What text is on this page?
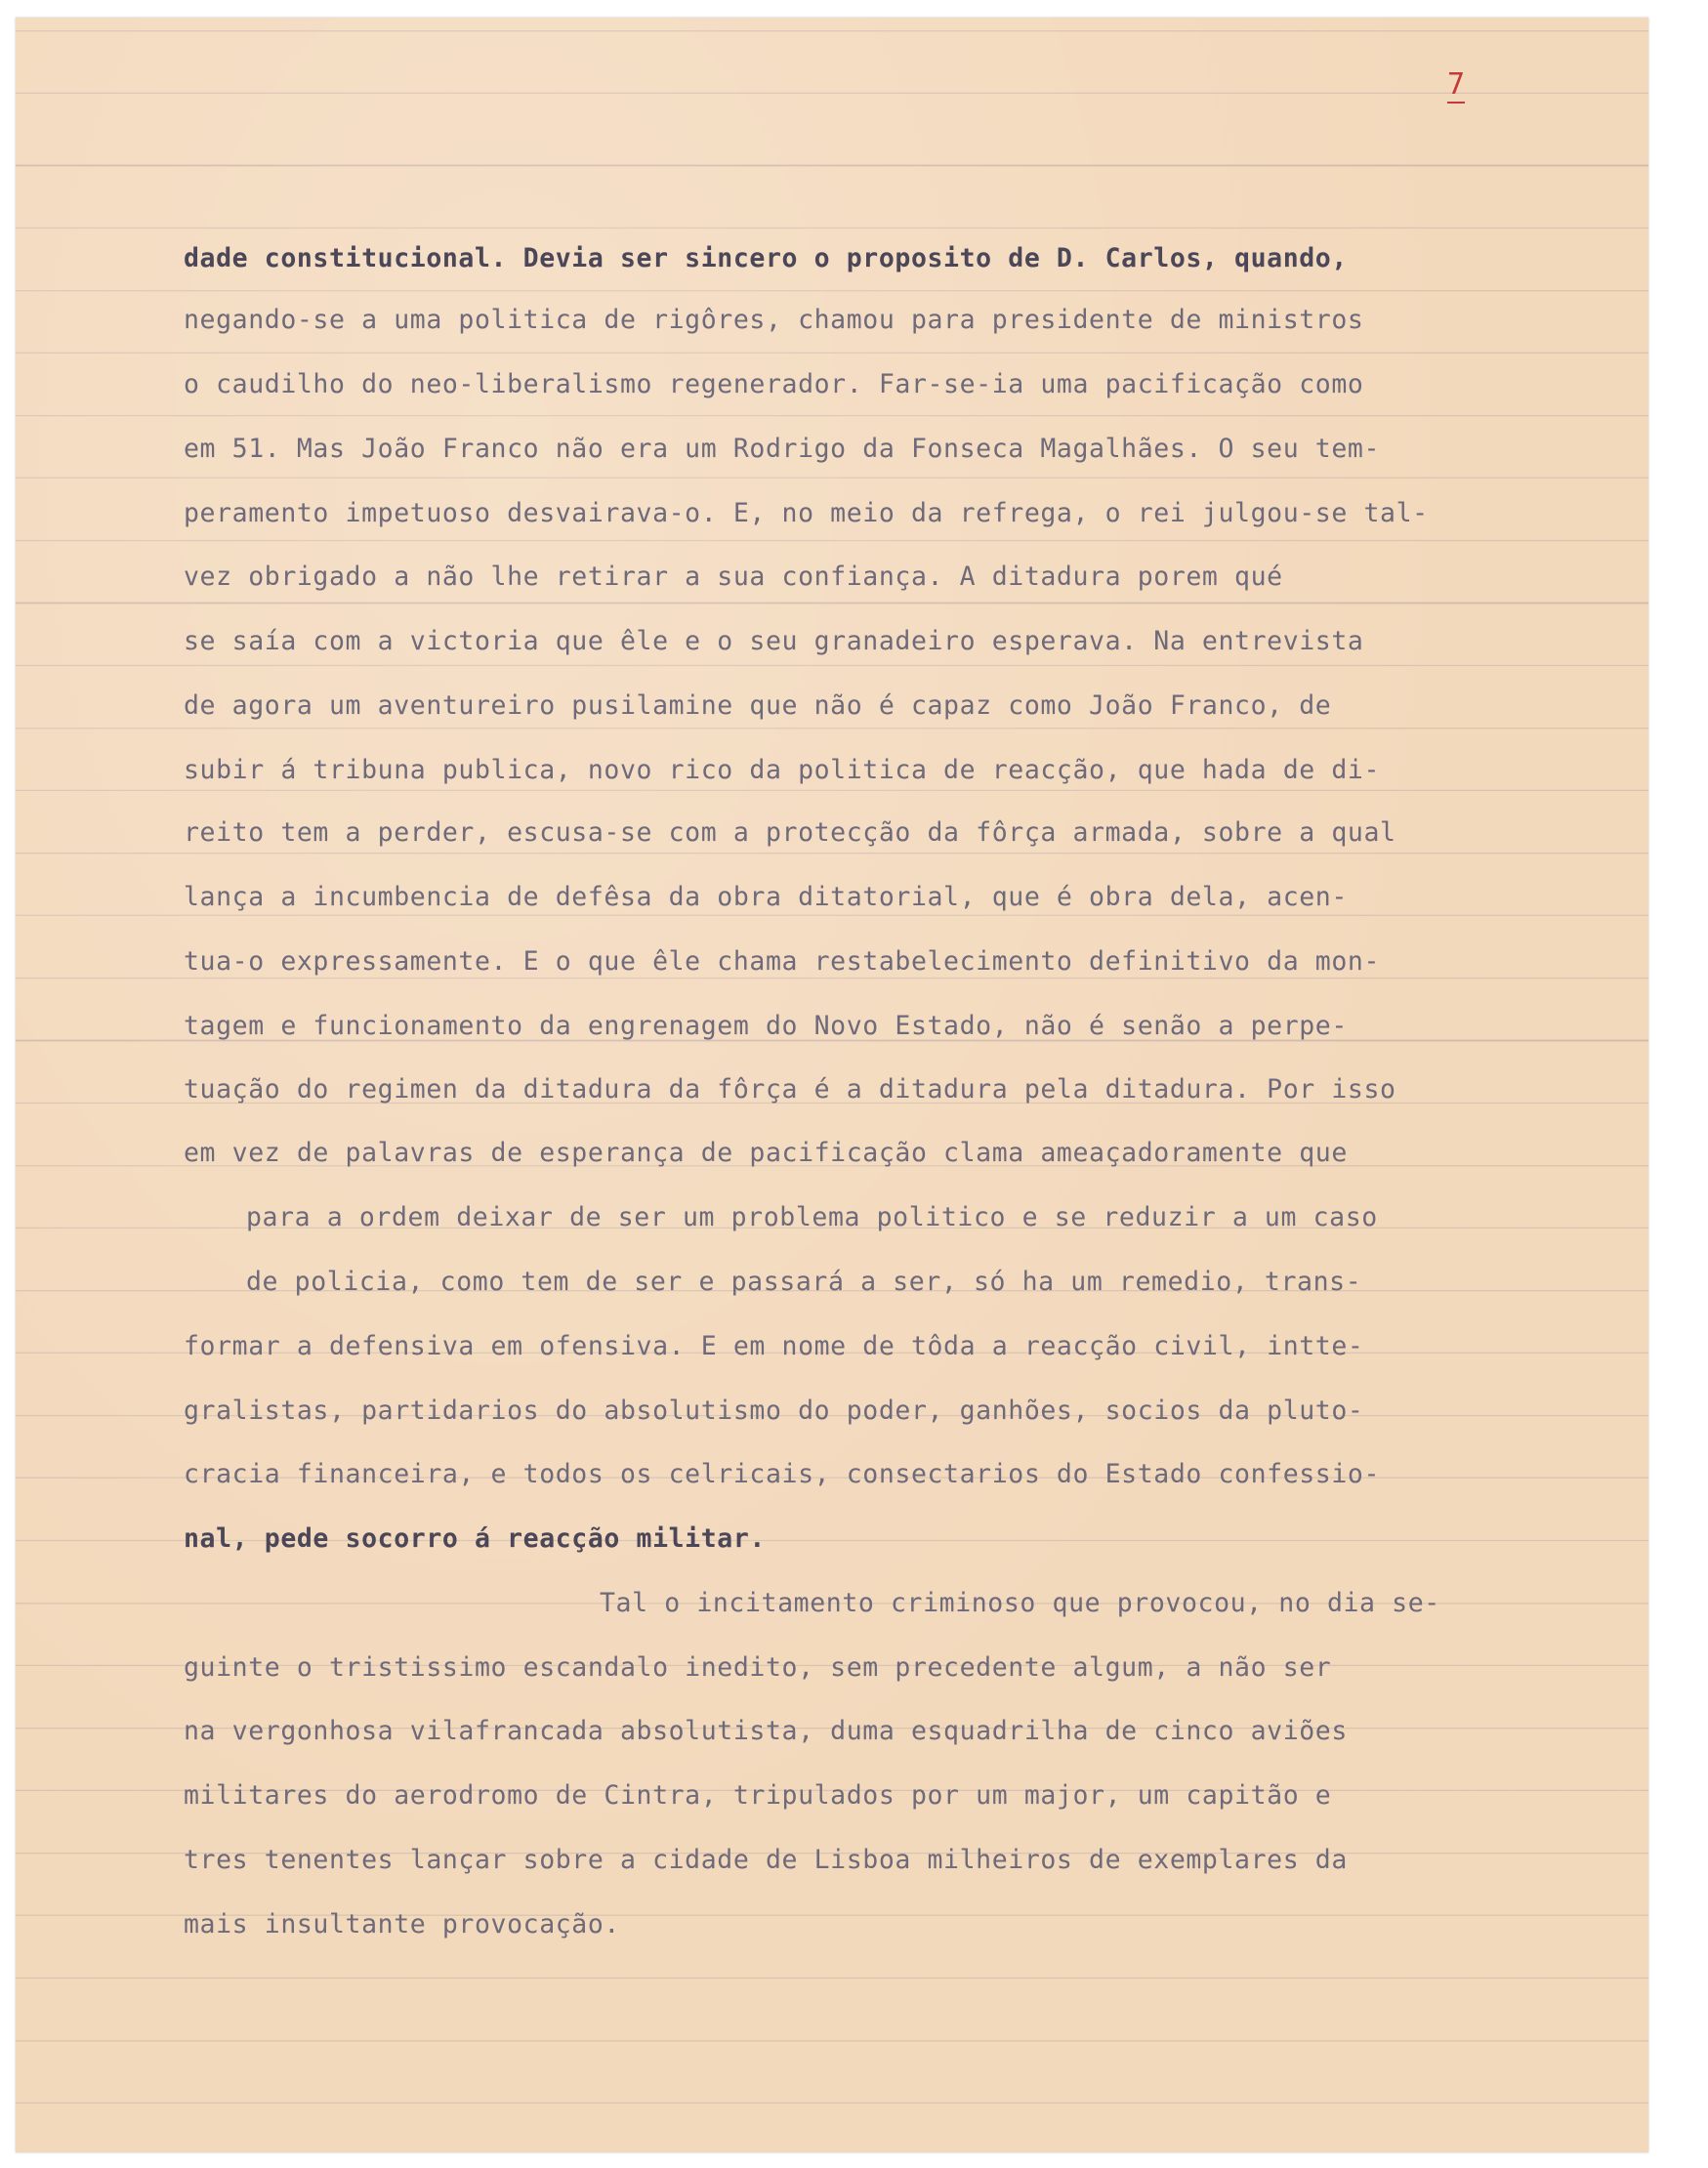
7
dade constitucional. Devia ser sincero o proposito de D. Carlos, quando,
negando-se a uma politica de rigôres, chamou para presidente de ministros
o caudilho do neo-liberalismo regenerador. Far-se-ia uma pacificação como
em 51. Mas João Franco não era um Rodrigo da Fonseca Magalhães. O seu tem-
peramento impetuoso desvairava-o. E, no meio da refrega, o rei julgou-se tal-
vez obrigado a não lhe retirar a sua confiança. A ditadura porem qué
se saía com a victoria que êle e o seu granadeiro esperava. Na entrevista
de agora um aventureiro pusilamine que não é capaz como João Franco, de
subir á tribuna publica, novo rico da politica de reacção, que hada de di-
reito tem a perder, escusa-se com a protecção da fôrça armada, sobre a qual
lança a incumbencia de defêsa da obra ditatorial, que é obra dela, acen-
tua-o expressamente. E o que êle chama restabelecimento definitivo da mon-
tagem e funcionamento da engrenagem do Novo Estado, não é senão a perpe-
tuação do regimen da ditadura da fôrça é a ditadura pela ditadura. Por isso
em vez de palavras de esperança de pacificação clama ameaçadoramente que
para a ordem deixar de ser um problema politico e se reduzir a um caso
de policia, como tem de ser e passará a ser, só ha um remedio, trans-
formar a defensiva em ofensiva. E em nome de tôda a reacção civil, intte-
gralistas, partidarios do absolutismo do poder, ganhões, socios da pluto-
cracia financeira, e todos os celricais, consectarios do Estado confessio-
nal, pede socorro á reacção militar.
Tal o incitamento criminoso que provocou, no dia se-
guinte o tristissimo escandalo inedito, sem precedente algum, a não ser
na vergonhosa vilafrancada absolutista, duma esquadrilha de cinco aviões
militares do aerodromo de Cintra, tripulados por um major, um capitão e
tres tenentes lançar sobre a cidade de Lisboa milheiros de exemplares da
mais insultante provocação.
